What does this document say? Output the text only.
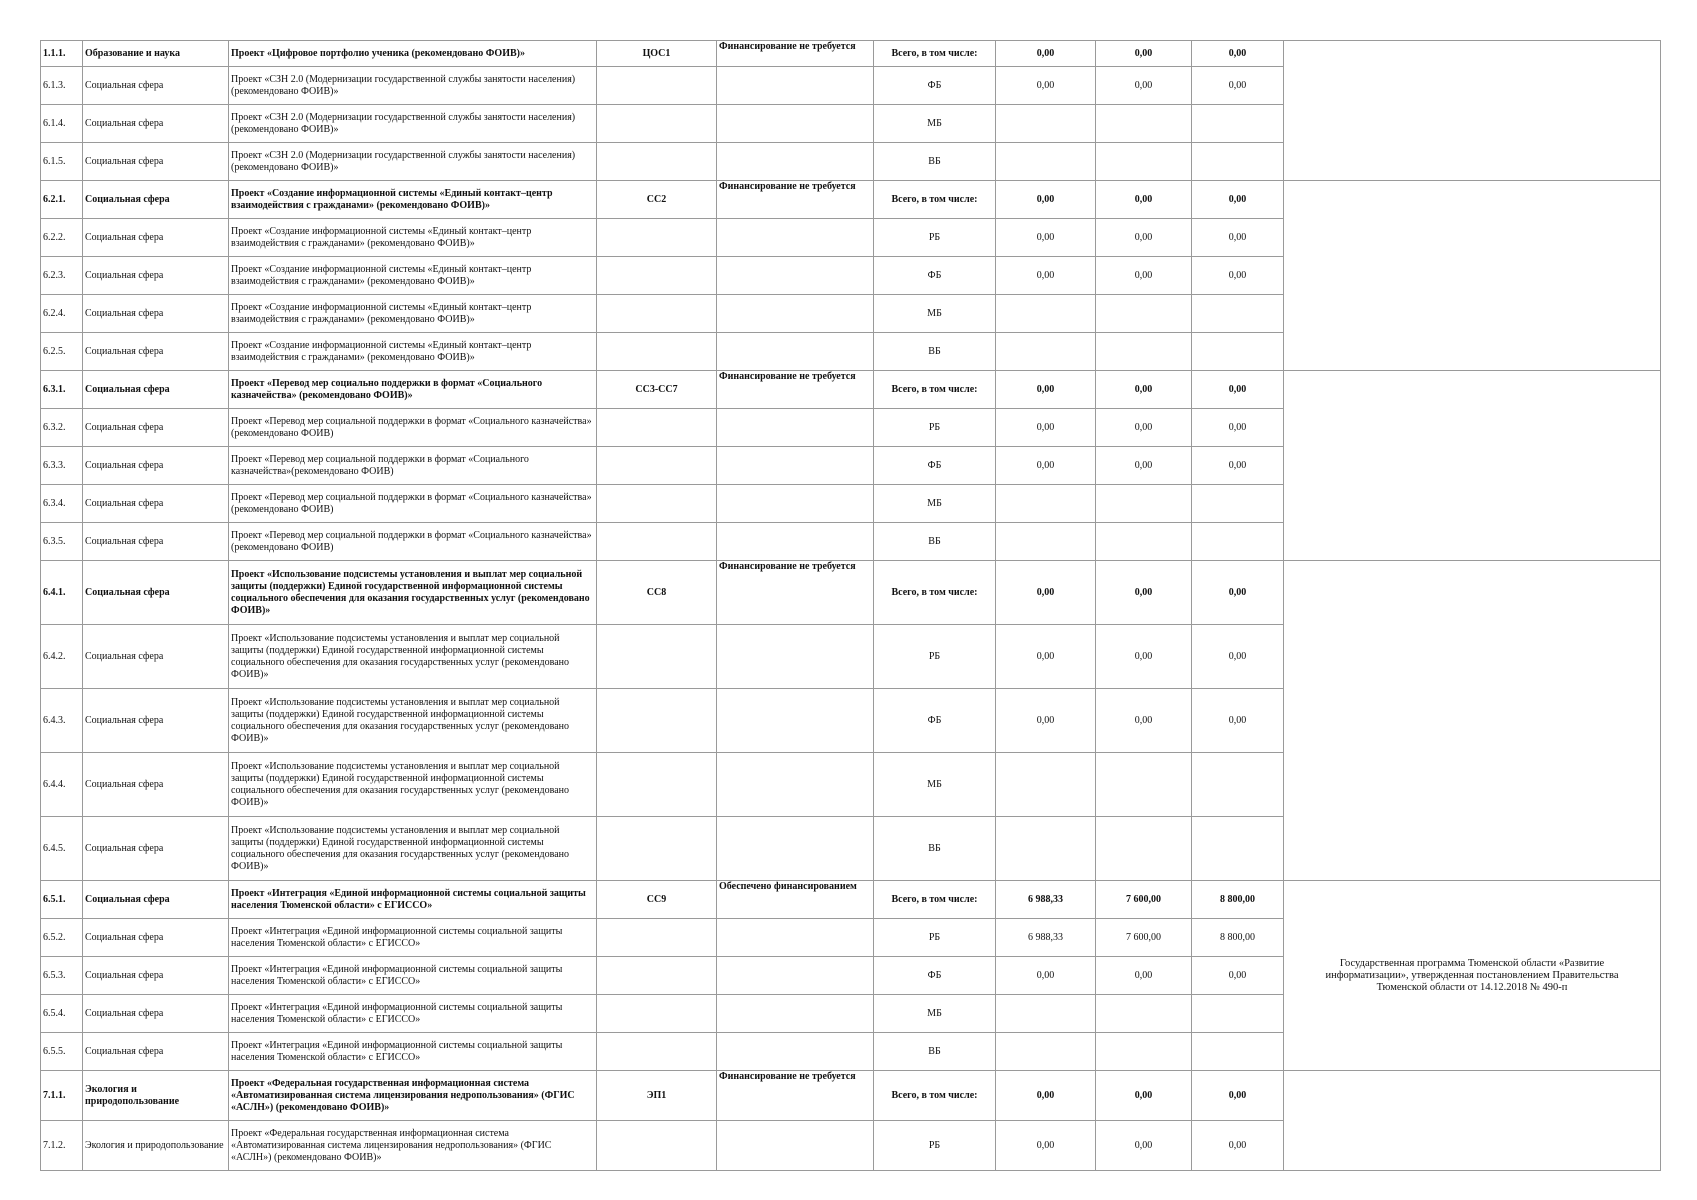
1.1.1.	Образование и наука	Проект «Цифровое портфолио ученика (рекомендовано ФОИВ)»	ЦОС1	Финансирование не требуется	Всего, в том числе:	0,00	0,00	0,00	
6.1.3.	Социальная сфера	Проект «СЗН 2.0 (Модернизации государственной службы занятости населения) (рекомендовано ФОИВ)»			ФБ	0,00	0,00	0,00	
6.1.4.	Социальная сфера	Проект «СЗН 2.0 (Модернизации государственной службы занятости населения) (рекомендовано ФОИВ)»			МБ				
6.1.5.	Социальная сфера	Проект «СЗН 2.0 (Модернизации государственной службы занятости населения) (рекомендовано ФОИВ)»			ВБ				
6.2.1.	Социальная сфера	Проект «Создание информационной системы «Единый контакт–центр взаимодействия с гражданами» (рекомендовано ФОИВ)»	СС2	Финансирование не требуется	Всего, в том числе:	0,00	0,00	0,00	
6.2.2.	Социальная сфера	Проект «Создание информационной системы «Единый контакт–центр взаимодействия с гражданами» (рекомендовано ФОИВ)»			РБ	0,00	0,00	0,00	
6.2.3.	Социальная сфера	Проект «Создание информационной системы «Единый контакт–центр взаимодействия с гражданами» (рекомендовано ФОИВ)»			ФБ	0,00	0,00	0,00	
6.2.4.	Социальная сфера	Проект «Создание информационной системы «Единый контакт–центр взаимодействия с гражданами» (рекомендовано ФОИВ)»			МБ				
6.2.5.	Социальная сфера	Проект «Создание информационной системы «Единый контакт–центр взаимодействия с гражданами» (рекомендовано ФОИВ)»			ВБ				
6.3.1.	Социальная сфера	Проект «Перевод мер социально поддержки в формат «Социального казначейства» (рекомендовано ФОИВ)»	СС3-СС7	Финансирование не требуется	Всего, в том числе:	0,00	0,00	0,00	
6.3.2.	Социальная сфера	Проект «Перевод мер социальной поддержки в формат «Социального казначейства» (рекомендовано ФОИВ)			РБ	0,00	0,00	0,00	
6.3.3.	Социальная сфера	Проект «Перевод мер социальной поддержки в формат «Социального казначейства»(рекомендовано ФОИВ)			ФБ	0,00	0,00	0,00	
6.3.4.	Социальная сфера	Проект «Перевод мер социальной поддержки в формат «Социального казначейства» (рекомендовано ФОИВ)			МБ				
6.3.5.	Социальная сфера	Проект «Перевод мер социальной поддержки в формат «Социального казначейства» (рекомендовано ФОИВ)			ВБ				
6.4.1.	Социальная сфера	Проект «Использование подсистемы установления и выплат мер социальной защиты (поддержки) Единой государственной информационной системы социального обеспечения для оказания государственных услуг (рекомендовано ФОИВ)»	СС8	Финансирование не требуется	Всего, в том числе:	0,00	0,00	0,00	
6.4.2.	Социальная сфера	Проект «Использование подсистемы установления и выплат мер социальной защиты (поддержки) Единой государственной информационной системы социального обеспечения для оказания государственных услуг (рекомендовано ФОИВ)»			РБ	0,00	0,00	0,00	
6.4.3.	Социальная сфера	Проект «Использование подсистемы установления и выплат мер социальной защиты (поддержки) Единой государственной информационной системы социального обеспечения для оказания государственных услуг (рекомендовано ФОИВ)»			ФБ	0,00	0,00	0,00	
6.4.4.	Социальная сфера	Проект «Использование подсистемы установления и выплат мер социальной защиты (поддержки) Единой государственной информационной системы социального обеспечения для оказания государственных услуг (рекомендовано ФОИВ)»			МБ				
6.4.5.	Социальная сфера	Проект «Использование подсистемы установления и выплат мер социальной защиты (поддержки) Единой государственной информационной системы социального обеспечения для оказания государственных услуг (рекомендовано ФОИВ)»			ВБ				
6.5.1.	Социальная сфера	Проект «Интеграция «Единой информационной системы социальной защиты населения Тюменской области» с ЕГИССО»	СС9	Обеспечено финансированием	Всего, в том числе:	6 988,33	7 600,00	8 800,00	Государственная программа Тюменской области «Развитие информатизации», утвержденная постановлением Правительства Тюменской области от 14.12.2018 № 490-п
6.5.2.	Социальная сфера	Проект «Интеграция «Единой информационной системы социальной защиты населения Тюменской области» с ЕГИССО»			РБ	6 988,33	7 600,00	8 800,00	
6.5.3.	Социальная сфера	Проект «Интеграция «Единой информационной системы социальной защиты населения Тюменской области» с ЕГИССО»			ФБ	0,00	0,00	0,00	
6.5.4.	Социальная сфера	Проект «Интеграция «Единой информационной системы социальной защиты населения Тюменской области» с ЕГИССО»			МБ				
6.5.5.	Социальная сфера	Проект «Интеграция «Единой информационной системы социальной защиты населения Тюменской области» с ЕГИССО»			ВБ				
7.1.1.	Экология и природопользование	Проект «Федеральная государственная информационная система «Автоматизированная система лицензирования недропользования» (ФГИС «АСЛН») (рекомендовано ФОИВ)»	ЭП1	Финансирование не требуется	Всего, в том числе:	0,00	0,00	0,00	
7.1.2.	Экология и природопользование	Проект «Федеральная государственная информационная система «Автоматизированная система лицензирования недропользования» (ФГИС «АСЛН») (рекомендовано ФОИВ)»			РБ	0,00	0,00	0,00	
